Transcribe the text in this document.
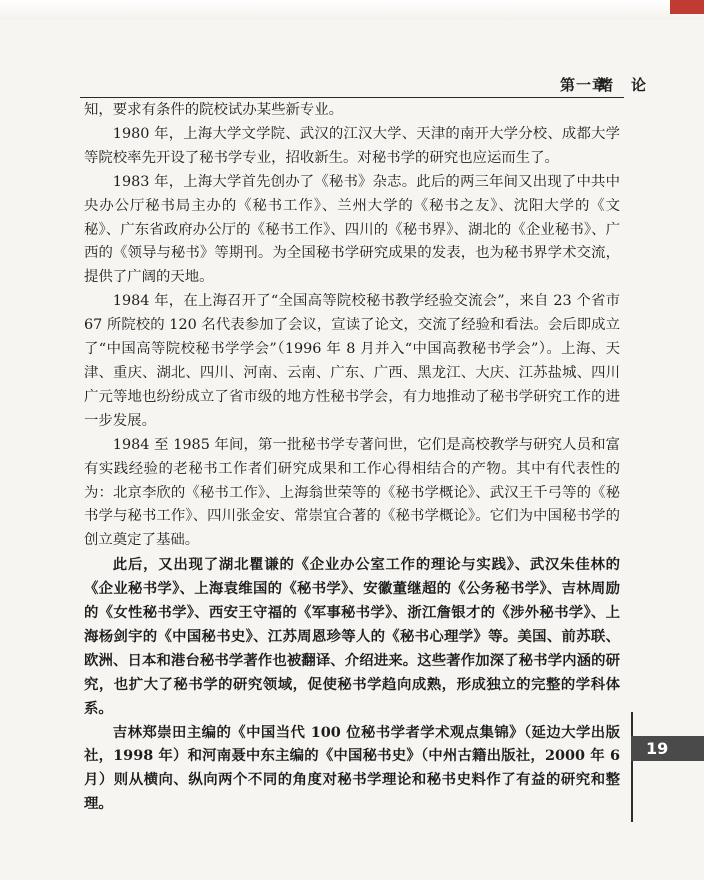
第一章
绪论

知，要求有条件的院校试办某些新专业。

1980 年，上海大学文学院、武汉的江汉大学、天津的南开大学分校、成都大学等院校率先开设了秘书学专业，招收新生。对秘书学的研究也应运而生了。

1983 年，上海大学首先创办了《秘书》杂志。此后的两三年间又出现了中共中央办公厅秘书局主办的《秘书工作》、兰州大学的《秘书之友》、沈阳大学的《文秘》、广东省政府办公厅的《秘书工作》、四川的《秘书界》、湖北的《企业秘书》、广西的《领导与秘书》等期刊。为全国秘书学研究成果的发表，也为秘书界学术交流，提供了广阔的天地。

1984 年，在上海召开了“全国高等院校秘书教学经验交流会”，来自 23 个省市 67 所院校的 120 名代表参加了会议，宣读了论文，交流了经验和看法。会后即成立了“中国高等院校秘书学学会”（1996 年 8 月并入“中国高教秘书学会”）。上海、天津、重庆、湖北、四川、河南、云南、广东、广西、黑龙江、大庆、江苏盐城、四川广元等地也纷纷成立了省市级的地方性秘书学会，有力地推动了秘书学研究工作的进一步发展。

1984 至 1985 年间，第一批秘书学专著问世，它们是高校教学与研究人员和富有实践经验的老秘书工作者们研究成果和工作心得相结合的产物。其中有代表性的为：北京李欣的《秘书工作》、上海翁世荣等的《秘书学概论》、武汉王千弓等的《秘书学与秘书工作》、四川张金安、常崇宜合著的《秘书学概论》。它们为中国秘书学的创立奠定了基础。

此后，又出现了湖北瞿谦的《企业办公室工作的理论与实践》、武汉朱佳林的《企业秘书学》、上海袁维国的《秘书学》、安徽董继超的《公务秘书学》、吉林周励的《女性秘书学》、西安王守福的《军事秘书学》、浙江詹银才的《涉外秘书学》、上海杨剑宇的《中国秘书史》、江苏周恩珍等人的《秘书心理学》等。美国、前苏联、欧洲、日本和港台秘书学著作也被翻译、介绍进来。这些著作加深了秘书学内涵的研究，也扩大了秘书学的研究领域，促使秘书学趋向成熟，形成独立的完整的学科体系。

吉林郑崇田主编的《中国当代 100 位秘书学者学术观点集锦》（延边大学出版社，1998 年）和河南聂中东主编的《中国秘书史》（中州古籍出版社，2000 年 6 月）则从横向、纵向两个不同的角度对秘书学理论和秘书史料作了有益的研究和整理。

19
